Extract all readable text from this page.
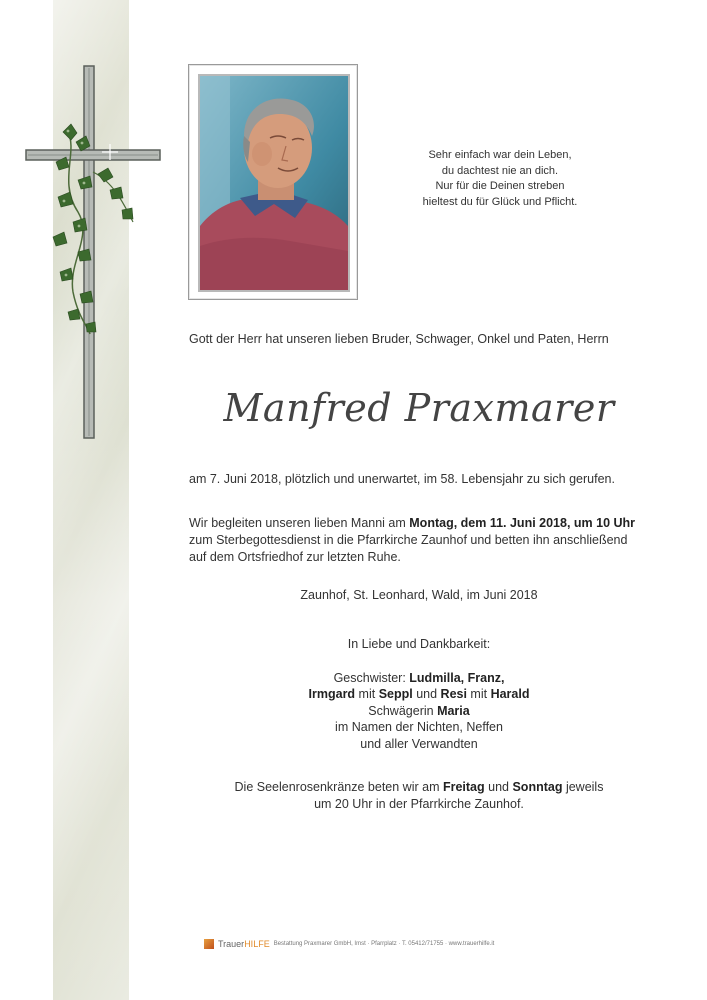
Sehr einfach war dein Leben,
du dachtest nie an dich.
Nur für die Deinen streben
hieltest du für Glück und Pflicht.
Gott der Herr hat unseren lieben Bruder, Schwager, Onkel und Paten, Herrn
Manfred Praxmarer
am 7. Juni 2018, plötzlich und unerwartet, im 58. Lebensjahr zu sich gerufen.
Wir begleiten unseren lieben Manni am Montag, dem 11. Juni 2018, um 10 Uhr
zum Sterbegottesdienst in die Pfarrkirche Zaunhof und betten ihn anschließend
auf dem Ortsfriedhof zur letzten Ruhe.
Zaunhof, St. Leonhard, Wald, im Juni 2018
In Liebe und Dankbarkeit:
Geschwister: Ludmilla, Franz,
Irmgard mit Seppl und Resi mit Harald
Schwägerin Maria
im Namen der Nichten, Neffen
und aller Verwandten
Die Seelenrosenkränze beten wir am Freitag und Sonntag jeweils
um 20 Uhr in der Pfarrkirche Zaunhof.
TrauerHILFE Bestattung Praxmarer GmbH, Imst · Pfarrplatz · T. 05412/71755 · www.trauerhilfe.it
